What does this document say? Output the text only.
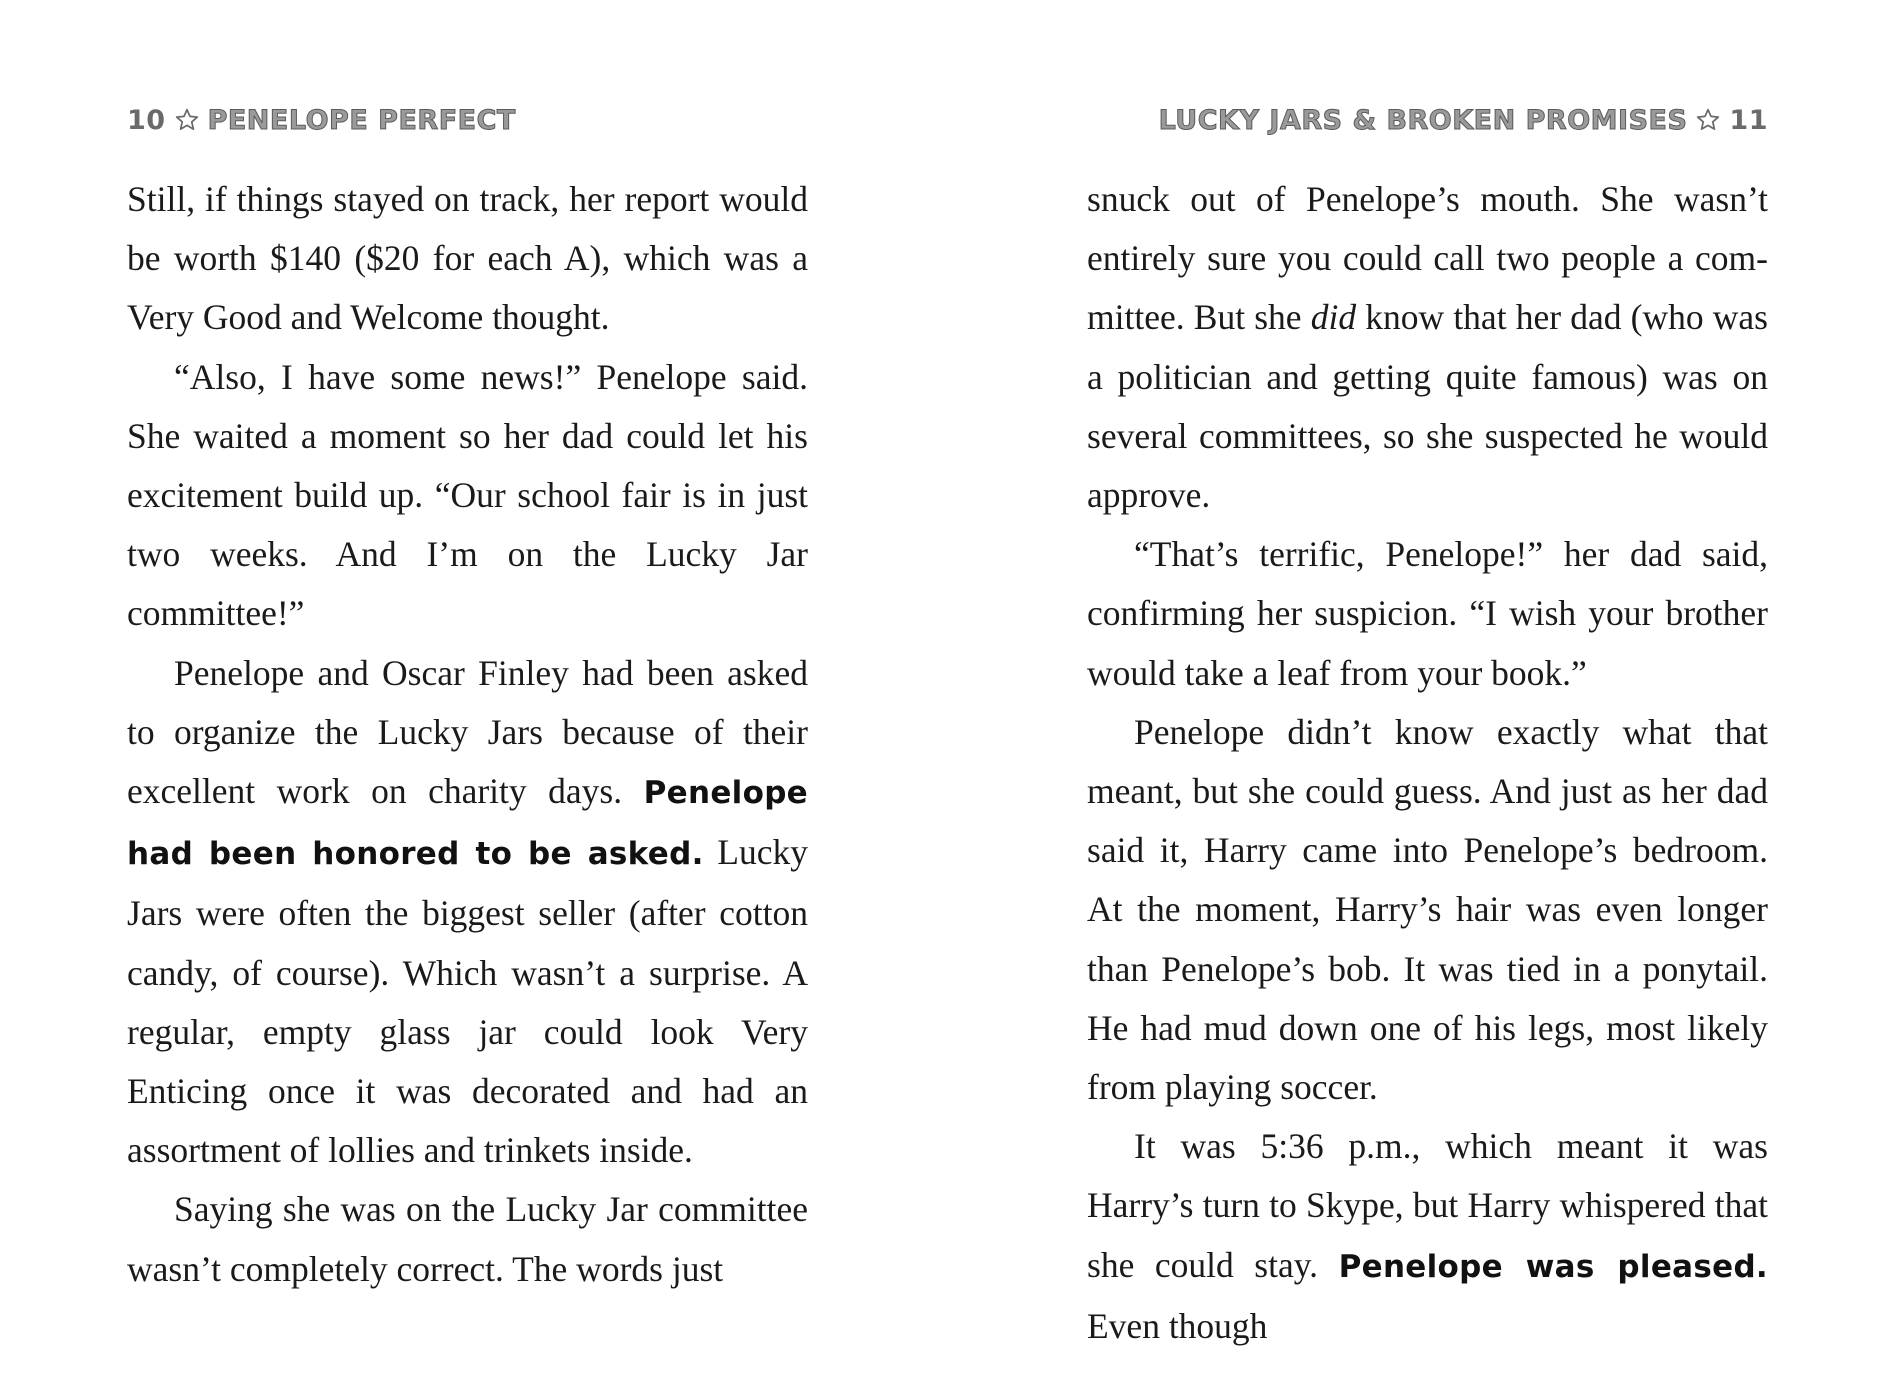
10 PENELOPE PERFECT

Still, if things stayed on track, her report would be worth $140 ($20 for each A), which was a Very Good and Welcome thought.

“Also, I have some news!” Penelope said. She waited a moment so her dad could let his excitement build up. “Our school fair is in just two weeks. And I’m on the Lucky Jar committee!”

Penelope and Oscar Finley had been asked to organize the Lucky Jars because of their excellent work on charity days. Penelope had been honored to be asked. Lucky Jars were often the biggest seller (after cotton candy, of course). Which wasn’t a surprise. A regular, empty glass jar could look Very Enticing once it was decorated and had an assortment of lollies and trinkets inside.

Saying she was on the Lucky Jar committee wasn’t completely correct. The words just

LUCKY JARS & BROKEN PROMISES 11

snuck out of Penelope’s mouth. She wasn’t entirely sure you could call two people a committee. But she did know that her dad (who was a politician and getting quite famous) was on several committees, so she suspected he would approve.

“That’s terrific, Penelope!” her dad said, confirming her suspicion. “I wish your brother would take a leaf from your book.”

Penelope didn’t know exactly what that meant, but she could guess. And just as her dad said it, Harry came into Penelope’s bedroom. At the moment, Harry’s hair was even longer than Penelope’s bob. It was tied in a ponytail. He had mud down one of his legs, most likely from playing soccer.

It was 5:36 p.m., which meant it was Harry’s turn to Skype, but Harry whispered that she could stay. Penelope was pleased. Even though
